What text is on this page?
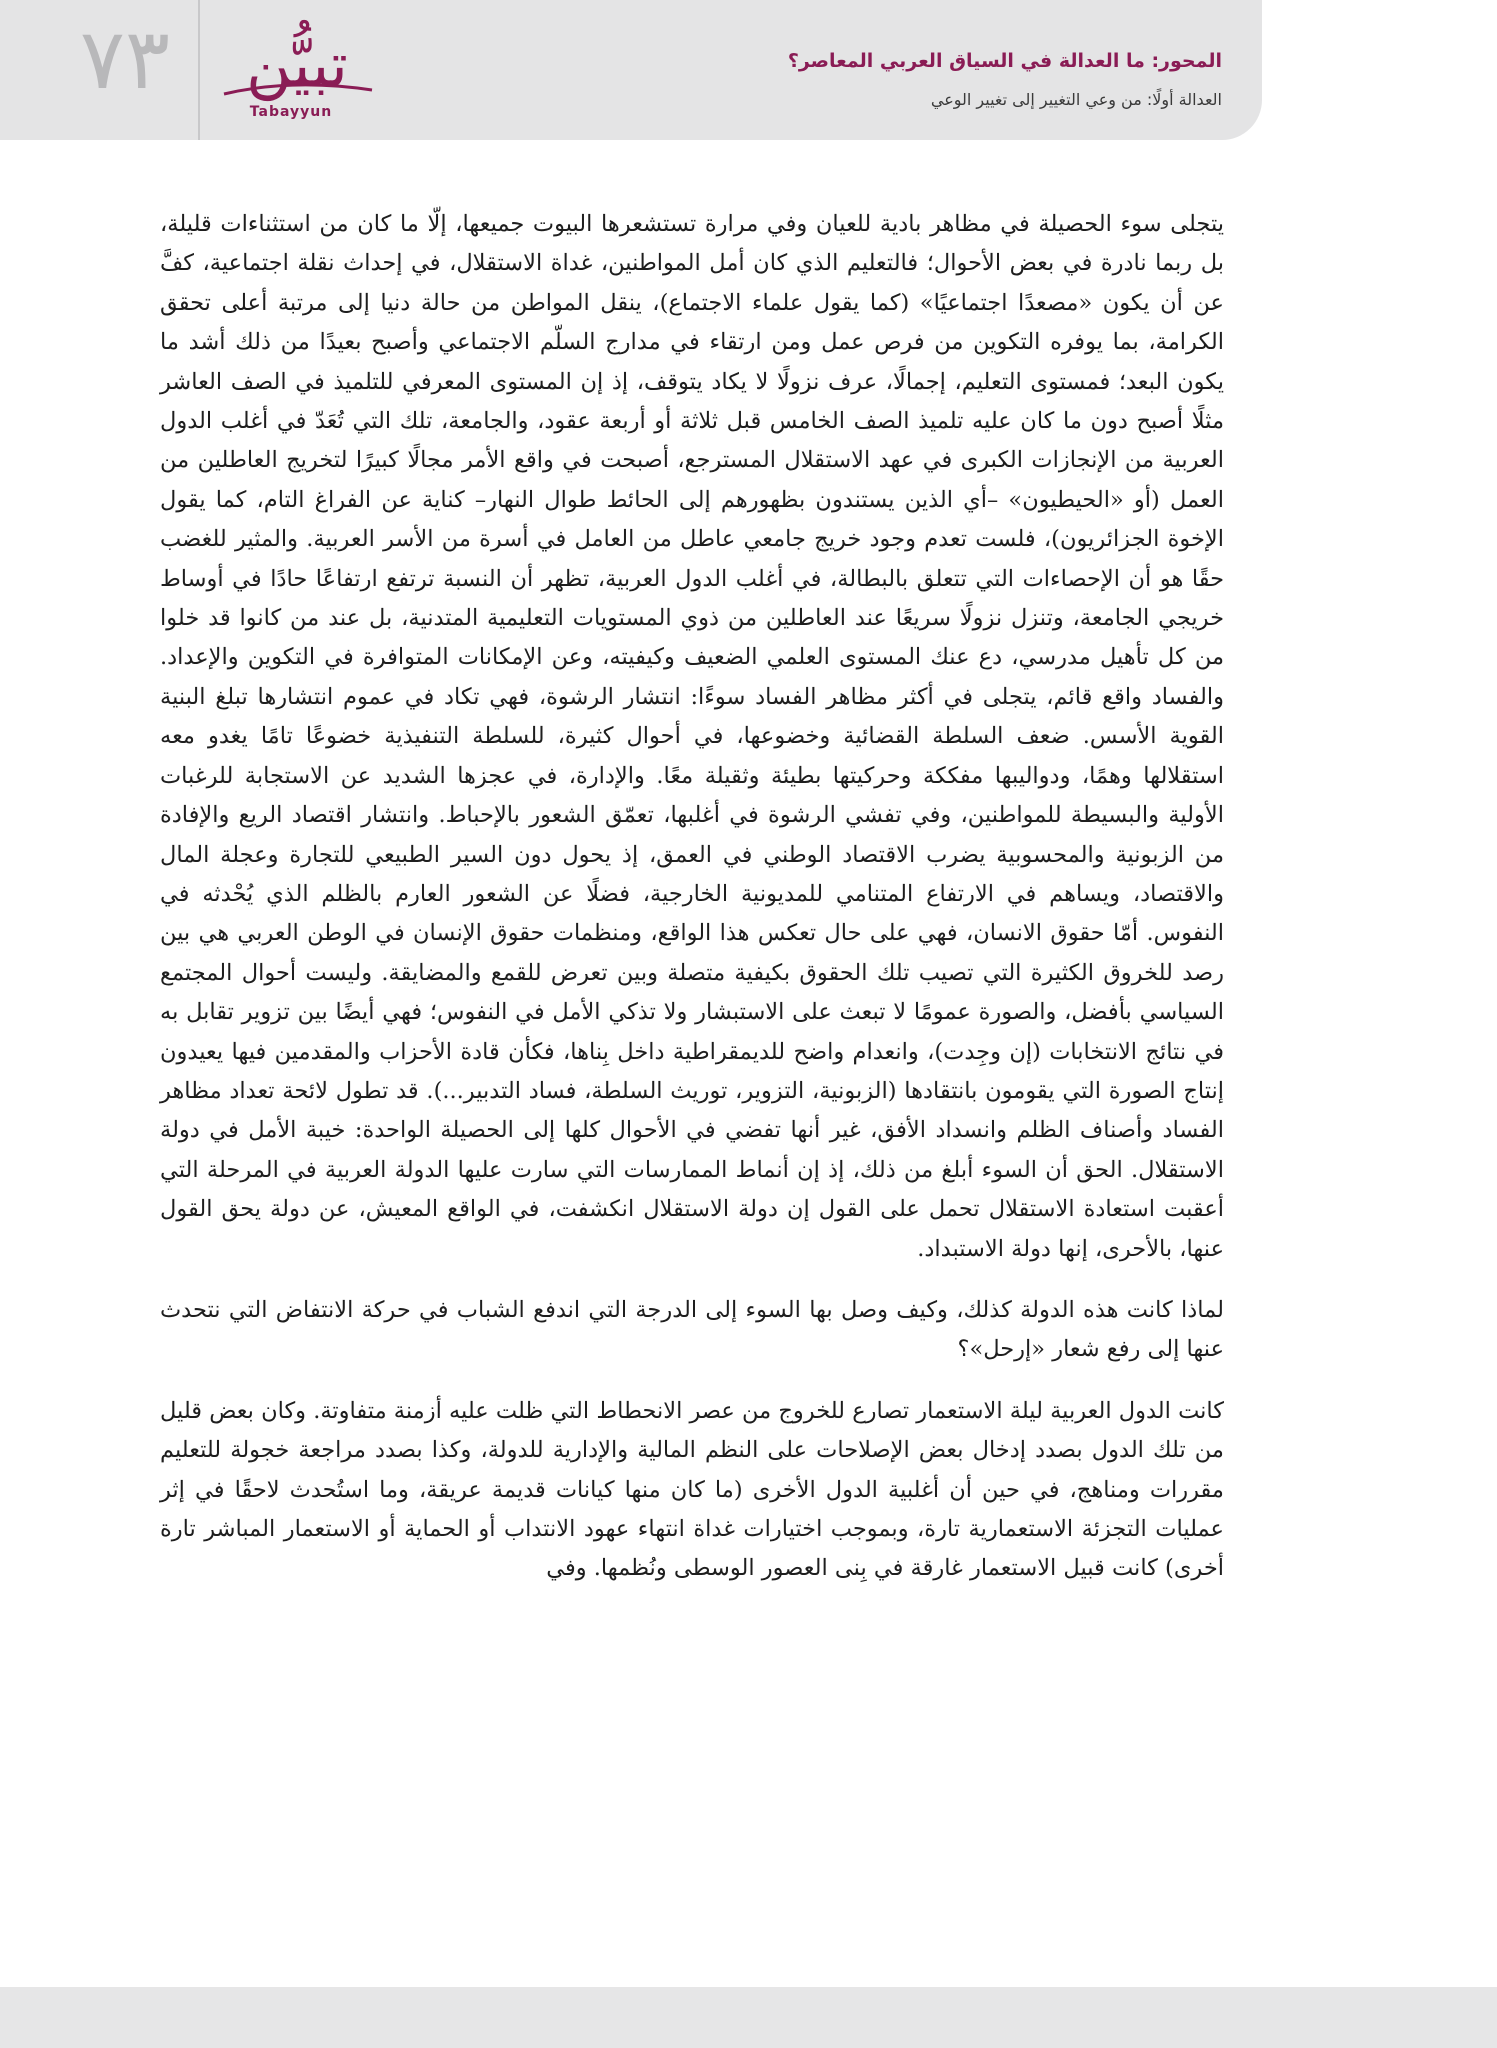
٧٣	تبيُّن
Tabayyun
المحور: ما العدالة في السياق العربي المعاصر؟
العدالة أولًا: من وعي التغيير إلى تغيير الوعي

يتجلى سوء الحصيلة في مظاهر بادية للعيان وفي مرارة تستشعرها البيوت جميعها، إلّا ما كان من استثناءات قليلة، بل ربما نادرة في بعض الأحوال؛ فالتعليم الذي كان أمل المواطنين، غداة الاستقلال، في إحداث نقلة اجتماعية، كفَّ عن أن يكون «مصعدًا اجتماعيًا» (كما يقول علماء الاجتماع)، ينقل المواطن من حالة دنيا إلى مرتبة أعلى تحقق الكرامة، بما يوفره التكوين من فرص عمل ومن ارتقاء في مدارج السلّم الاجتماعي وأصبح بعيدًا من ذلك أشد ما يكون البعد؛ فمستوى التعليم، إجمالًا، عرف نزولًا لا يكاد يتوقف، إذ إن المستوى المعرفي للتلميذ في الصف العاشر مثلًا أصبح دون ما كان عليه تلميذ الصف الخامس قبل ثلاثة أو أربعة عقود، والجامعة، تلك التي تُعَدّ في أغلب الدول العربية من الإنجازات الكبرى في عهد الاستقلال المسترجع، أصبحت في واقع الأمر مجالًا كبيرًا لتخريج العاطلين من العمل (أو «الحيطيون» –أي الذين يستندون بظهورهم إلى الحائط طوال النهار– كناية عن الفراغ التام، كما يقول الإخوة الجزائريون)، فلست تعدم وجود خريج جامعي عاطل من العامل في أسرة من الأسر العربية. والمثير للغضب حقًا هو أن الإحصاءات التي تتعلق بالبطالة، في أغلب الدول العربية، تظهر أن النسبة ترتفع ارتفاعًا حادًا في أوساط خريجي الجامعة، وتنزل نزولًا سريعًا عند العاطلين من ذوي المستويات التعليمية المتدنية، بل عند من كانوا قد خلوا من كل تأهيل مدرسي، دع عنك المستوى العلمي الضعيف وكيفيته، وعن الإمكانات المتوافرة في التكوين والإعداد. والفساد واقع قائم، يتجلى في أكثر مظاهر الفساد سوءًا: انتشار الرشوة، فهي تكاد في عموم انتشارها تبلغ البنية القوية الأسس. ضعف السلطة القضائية وخضوعها، في أحوال كثيرة، للسلطة التنفيذية خضوعًا تامًا يغدو معه استقلالها وهمًا، ودواليبها مفككة وحركيتها بطيئة وثقيلة معًا. والإدارة، في عجزها الشديد عن الاستجابة للرغبات الأولية والبسيطة للمواطنين، وفي تفشي الرشوة في أغلبها، تعمّق الشعور بالإحباط. وانتشار اقتصاد الريع والإفادة من الزبونية والمحسوبية يضرب الاقتصاد الوطني في العمق، إذ يحول دون السير الطبيعي للتجارة وعجلة المال والاقتصاد، ويساهم في الارتفاع المتنامي للمديونية الخارجية، فضلًا عن الشعور العارم بالظلم الذي يُحْدثه في النفوس. أمّا حقوق الانسان، فهي على حال تعكس هذا الواقع، ومنظمات حقوق الإنسان في الوطن العربي هي بين رصد للخروق الكثيرة التي تصيب تلك الحقوق بكيفية متصلة وبين تعرض للقمع والمضايقة. وليست أحوال المجتمع السياسي بأفضل، والصورة عمومًا لا تبعث على الاستبشار ولا تذكي الأمل في النفوس؛ فهي أيضًا بين تزوير تقابل به في نتائج الانتخابات (إن وجِدت)، وانعدام واضح للديمقراطية داخل بِناها، فكأن قادة الأحزاب والمقدمين فيها يعيدون إنتاج الصورة التي يقومون بانتقادها (الزبونية، التزوير، توريث السلطة، فساد التدبير...). قد تطول لائحة تعداد مظاهر الفساد وأصناف الظلم وانسداد الأفق، غير أنها تفضي في الأحوال كلها إلى الحصيلة الواحدة: خيبة الأمل في دولة الاستقلال. الحق أن السوء أبلغ من ذلك، إذ إن أنماط الممارسات التي سارت عليها الدولة العربية في المرحلة التي أعقبت استعادة الاستقلال تحمل على القول إن دولة الاستقلال انكشفت، في الواقع المعيش، عن دولة يحق القول عنها، بالأحرى، إنها دولة الاستبداد.

لماذا كانت هذه الدولة كذلك، وكيف وصل بها السوء إلى الدرجة التي اندفع الشباب في حركة الانتفاض التي نتحدث عنها إلى رفع شعار «إرحل»؟

كانت الدول العربية ليلة الاستعمار تصارع للخروج من عصر الانحطاط التي ظلت عليه أزمنة متفاوتة. وكان بعض قليل من تلك الدول بصدد إدخال بعض الإصلاحات على النظم المالية والإدارية للدولة، وكذا بصدد مراجعة خجولة للتعليم مقررات ومناهج، في حين أن أغلبية الدول الأخرى (ما كان منها كيانات قديمة عريقة، وما استُحدث لاحقًا في إثر عمليات التجزئة الاستعمارية تارة، وبموجب اختيارات غداة انتهاء عهود الانتداب أو الحماية أو الاستعمار المباشر تارة أخرى) كانت قبيل الاستعمار غارقة في بِنى العصور الوسطى ونُظمها. وفي
